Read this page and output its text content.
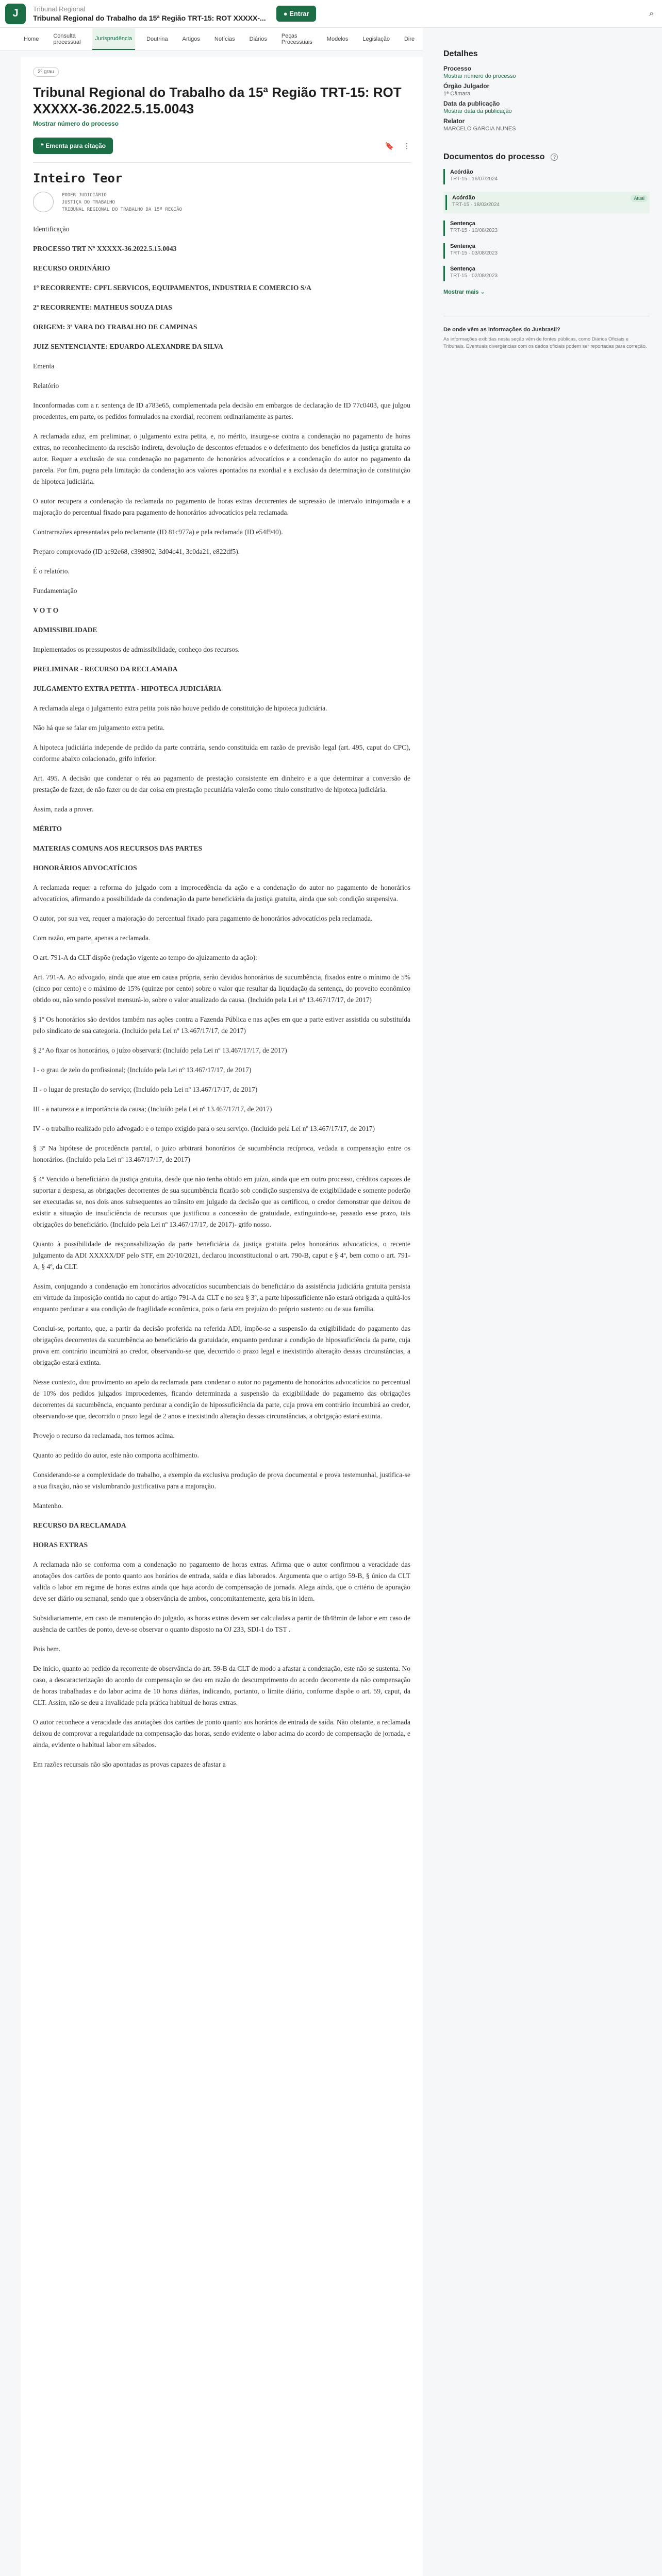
J	Tribunal Regional
Tribunal Regional do Trabalho da 15ª Região TRT-15: ROT XXXXX-...
● Entrar	⌕
Home	Consulta processual
Jurisprudência	Doutrina	Artigos	Notícias	Diários	Peças Processuais	Modelos	Legislação	Dire
2º grau
Tribunal Regional do Trabalho da 15ª Região TRT-15: ROT XXXXX-36.2022.5.15.0043
Mostrar número do processo
❝ Ementa para citação	🔖 ⋮
Inteiro Teor
PODER JUDICIÁRIO
JUSTIÇA DO TRABALHO
TRIBUNAL REGIONAL DO TRABALHO DA 15ª REGIÃO

Identificação

PROCESSO TRT Nº XXXXX-36.2022.5.15.0043

RECURSO ORDINÁRIO

1º RECORRENTE: CPFL SERVICOS, EQUIPAMENTOS, INDUSTRIA E COMERCIO S/A

2º RECORRENTE: MATHEUS SOUZA DIAS

ORIGEM: 3ª VARA DO TRABALHO DE CAMPINAS

JUIZ SENTENCIANTE: EDUARDO ALEXANDRE DA SILVA

Ementa

Relatório

Inconformadas com a r. sentença de ID a783e65, complementada pela decisão em embargos de declaração de ID 77c0403, que julgou procedentes, em parte, os pedidos formulados na exordial, recorrem ordinariamente as partes.

A reclamada aduz, em preliminar, o julgamento extra petita, e, no mérito, insurge-se contra a condenação no pagamento de horas extras, no reconhecimento da rescisão indireta, devolução de descontos efetuados e o deferimento dos benefícios da justiça gratuita ao autor. Requer a exclusão de sua condenação no pagamento de honorários advocatícios e a condenação do autor no pagamento da parcela. Por fim, pugna pela limitação da condenação aos valores apontados na exordial e a exclusão da determinação de constituição de hipoteca judiciária.

O autor recupera a condenação da reclamada no pagamento de horas extras decorrentes de supressão de intervalo intrajornada e a majoração do percentual fixado para pagamento de honorários advocatícios pela reclamada.

Contrarrazões apresentadas pelo reclamante (ID 81c977a) e pela reclamada (ID e54f940).

Preparo comprovado (ID ac92e68, c398902, 3d04c41, 3c0da21, e822df5).

É o relatório.

Fundamentação

V O T O

ADMISSIBILIDADE

Implementados os pressupostos de admissibilidade, conheço dos recursos.

PRELIMINAR - RECURSO DA RECLAMADA

JULGAMENTO EXTRA PETITA - HIPOTECA JUDICIÁRIA

A reclamada alega o julgamento extra petita pois não houve pedido de constituição de hipoteca judiciária.

Não há que se falar em julgamento extra petita.

A hipoteca judiciária independe de pedido da parte contrária, sendo constituída em razão de previsão legal (art. 495, caput do CPC), conforme abaixo colacionado, grifo inferior:

Art. 495. A decisão que condenar o réu ao pagamento de prestação consistente em dinheiro e a que determinar a conversão de prestação de fazer, de não fazer ou de dar coisa em prestação pecuniária valerão como título constitutivo de hipoteca judiciária.

Assim, nada a prover.

MÉRITO

MATERIAS COMUNS AOS RECURSOS DAS PARTES

HONORÁRIOS ADVOCATÍCIOS

A reclamada requer a reforma do julgado com a improcedência da ação e a condenação do autor no pagamento de honorários advocatícios, afirmando a possibilidade da condenação da parte beneficiária da justiça gratuita, ainda que sob condição suspensiva.

O autor, por sua vez, requer a majoração do percentual fixado para pagamento de honorários advocatícios pela reclamada.

Com razão, em parte, apenas a reclamada.

O art. 791-A da CLT dispõe (redação vigente ao tempo do ajuizamento da ação):

Art. 791-A. Ao advogado, ainda que atue em causa própria, serão devidos honorários de sucumbência, fixados entre o mínimo de 5% (cinco por cento) e o máximo de 15% (quinze por cento) sobre o valor que resultar da liquidação da sentença, do proveito econômico obtido ou, não sendo possível mensurá-lo, sobre o valor atualizado da causa. (Incluído pela Lei nº 13.467/17/17, de 2017)

§ 1º Os honorários são devidos também nas ações contra a Fazenda Pública e nas ações em que a parte estiver assistida ou substituída pelo sindicato de sua categoria. (Incluído pela Lei nº 13.467/17/17, de 2017)

§ 2º Ao fixar os honorários, o juízo observará: (Incluído pela Lei nº 13.467/17/17, de 2017)

I - o grau de zelo do profissional; (Incluído pela Lei nº 13.467/17/17, de 2017)

II - o lugar de prestação do serviço; (Incluído pela Lei nº 13.467/17/17, de 2017)

III - a natureza e a importância da causa; (Incluído pela Lei nº 13.467/17/17, de 2017)

IV - o trabalho realizado pelo advogado e o tempo exigido para o seu serviço. (Incluído pela Lei nº 13.467/17/17, de 2017)

§ 3º Na hipótese de procedência parcial, o juízo arbitrará honorários de sucumbência recíproca, vedada a compensação entre os honorários. (Incluído pela Lei nº 13.467/17/17, de 2017)

§ 4º Vencido o beneficiário da justiça gratuita, desde que não tenha obtido em juízo, ainda que em outro processo, créditos capazes de suportar a despesa, as obrigações decorrentes de sua sucumbência ficarão sob condição suspensiva de exigibilidade e somente poderão ser executadas se, nos dois anos subsequentes ao trânsito em julgado da decisão que as certificou, o credor demonstrar que deixou de existir a situação de insuficiência de recursos que justificou a concessão de gratuidade, extinguindo-se, passado esse prazo, tais obrigações do beneficiário. (Incluído pela Lei nº 13.467/17/17, de 2017)- grifo nosso.

Quanto à possibilidade de responsabilização da parte beneficiária da justiça gratuita pelos honorários advocatícios, o recente julgamento da ADI XXXXX/DF pelo STF, em 20/10/2021, declarou inconstitucional o art. 790-B, caput e § 4º, bem como o art. 791-A, § 4º, da CLT.

Assim, conjugando a condenação em honorários advocatícios sucumbenciais do beneficiário da assistência judiciária gratuita persista em virtude da imposição contida no caput do artigo 791-A da CLT e no seu § 3º, a parte hipossuficiente não estará obrigada a quitá-los enquanto perdurar a sua condição de fragilidade econômica, pois o faria em prejuízo do próprio sustento ou de sua família.

Conclui-se, portanto, que, a partir da decisão proferida na referida ADI, impõe-se a suspensão da exigibilidade do pagamento das obrigações decorrentes da sucumbência ao beneficiário da gratuidade, enquanto perdurar a condição de hipossuficiência da parte, cuja prova em contrário incumbirá ao credor, observando-se que, decorrido o prazo legal e inexistindo alteração dessas circunstâncias, a obrigação estará extinta.

Nesse contexto, dou provimento ao apelo da reclamada para condenar o autor no pagamento de honorários advocatícios no percentual de 10% dos pedidos julgados improcedentes, ficando determinada a suspensão da exigibilidade do pagamento das obrigações decorrentes da sucumbência, enquanto perdurar a condição de hipossuficiência da parte, cuja prova em contrário incumbirá ao credor, observando-se que, decorrido o prazo legal de 2 anos e inexistindo alteração dessas circunstâncias, a obrigação estará extinta.

Provejo o recurso da reclamada, nos termos acima.

Quanto ao pedido do autor, este não comporta acolhimento.

Considerando-se a complexidade do trabalho, a exemplo da exclusiva produção de prova documental e prova testemunhal, justifica-se a sua fixação, não se vislumbrando justificativa para a majoração.

Mantenho.

RECURSO DA RECLAMADA

HORAS EXTRAS

A reclamada não se conforma com a condenação no pagamento de horas extras. Afirma que o autor confirmou a veracidade das anotações dos cartões de ponto quanto aos horários de entrada, saída e dias laborados. Argumenta que o artigo 59-B, § único da CLT valida o labor em regime de horas extras ainda que haja acordo de compensação de jornada. Alega ainda, que o critério de apuração deve ser diário ou semanal, sendo que a observância de ambos, concomitantemente, gera bis in idem.

Subsidiariamente, em caso de manutenção do julgado, as horas extras devem ser calculadas a partir de 8h48min de labor e em caso de ausência de cartões de ponto, deve-se observar o quanto disposto na OJ 233, SDI-1 do TST .

Pois bem.

De início, quanto ao pedido da recorrente de observância do art. 59-B da CLT de modo a afastar a condenação, este não se sustenta. No caso, a descaracterização do acordo de compensação se deu em razão do descumprimento do acordo decorrente da não compensação de horas trabalhadas e do labor acima de 10 horas diárias, indicando, portanto, o limite diário, conforme dispõe o art. 59, caput, da CLT. Assim, não se deu a invalidade pela prática habitual de horas extras.

O autor reconhece a veracidade das anotações dos cartões de ponto quanto aos horários de entrada de saída. Não obstante, a reclamada deixou de comprovar a regularidade na compensação das horas, sendo evidente o labor acima do acordo de compensação de jornada, e ainda, evidente o habitual labor em sábados.

Em razões recursais não são apontadas as provas capazes de afastar a

Detalhes
Processo
Mostrar número do processo
Órgão Julgador
1ª Câmara
Data da publicação
Mostrar data da publicação
Relator
MARCELO GARCIA NUNES
Documentos do processo	?
Acórdão
TRT-15 · 16/07/2024
Acórdão
TRT-15 · 18/03/2024
Atual
Sentença
TRT-15 · 10/08/2023
Sentença
TRT-15 · 03/08/2023
Sentença
TRT-15 · 02/08/2023
Mostrar mais ⌄
De onde vêm as informações do Jusbrasil?
As informações exibidas nesta seção vêm de fontes públicas, como Diários Oficiais e Tribunais. Eventuais divergências com os dados oficiais podem ser reportadas para correção.
